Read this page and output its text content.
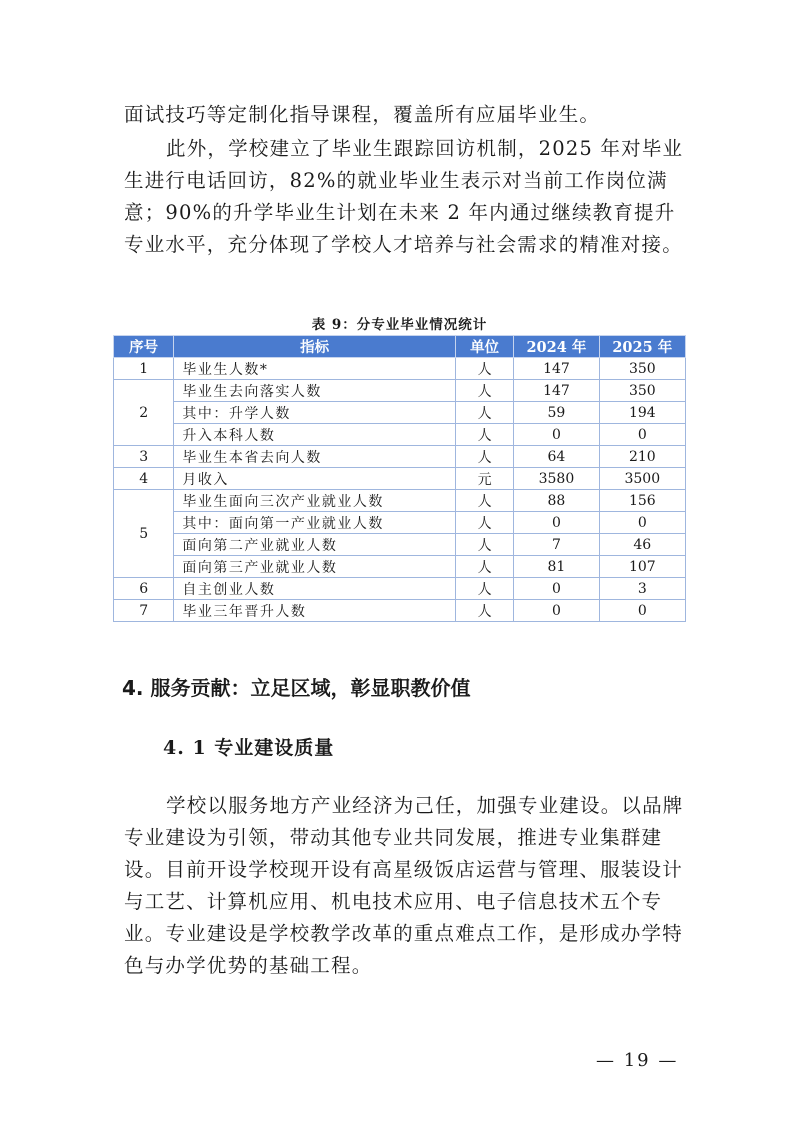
面试技巧等定制化指导课程，覆盖所有应届毕业生。

此外，学校建立了毕业生跟踪回访机制，2025 年对毕业生进行电话回访，82%的就业毕业生表示对当前工作岗位满意；90%的升学毕业生计划在未来 2 年内通过继续教育提升专业水平，充分体现了学校人才培养与社会需求的精准对接。

表 9：分专业毕业情况统计
序号	指标	单位	2024 年	2025 年
1	毕业生人数*	人	147	350
2	毕业生去向落实人数	人	147	350
	其中：升学人数	人	59	194
	升入本科人数	人	0	0
3	毕业生本省去向人数	人	64	210
4	月收入	元	3580	3500
5	毕业生面向三次产业就业人数	人	88	156
	其中：面向第一产业就业人数	人	0	0
	面向第二产业就业人数	人	7	46
	面向第三产业就业人数	人	81	107
6	自主创业人数	人	0	3
7	毕业三年晋升人数	人	0	0
4. 服务贡献：立足区域，彰显职教价值
4. 1 专业建设质量

学校以服务地方产业经济为己任，加强专业建设。以品牌专业建设为引领，带动其他专业共同发展，推进专业集群建设。目前开设学校现开设有高星级饭店运营与管理、服装设计与工艺、计算机应用、机电技术应用、电子信息技术五个专业。专业建设是学校教学改革的重点难点工作，是形成办学特色与办学优势的基础工程。

— 19 —
